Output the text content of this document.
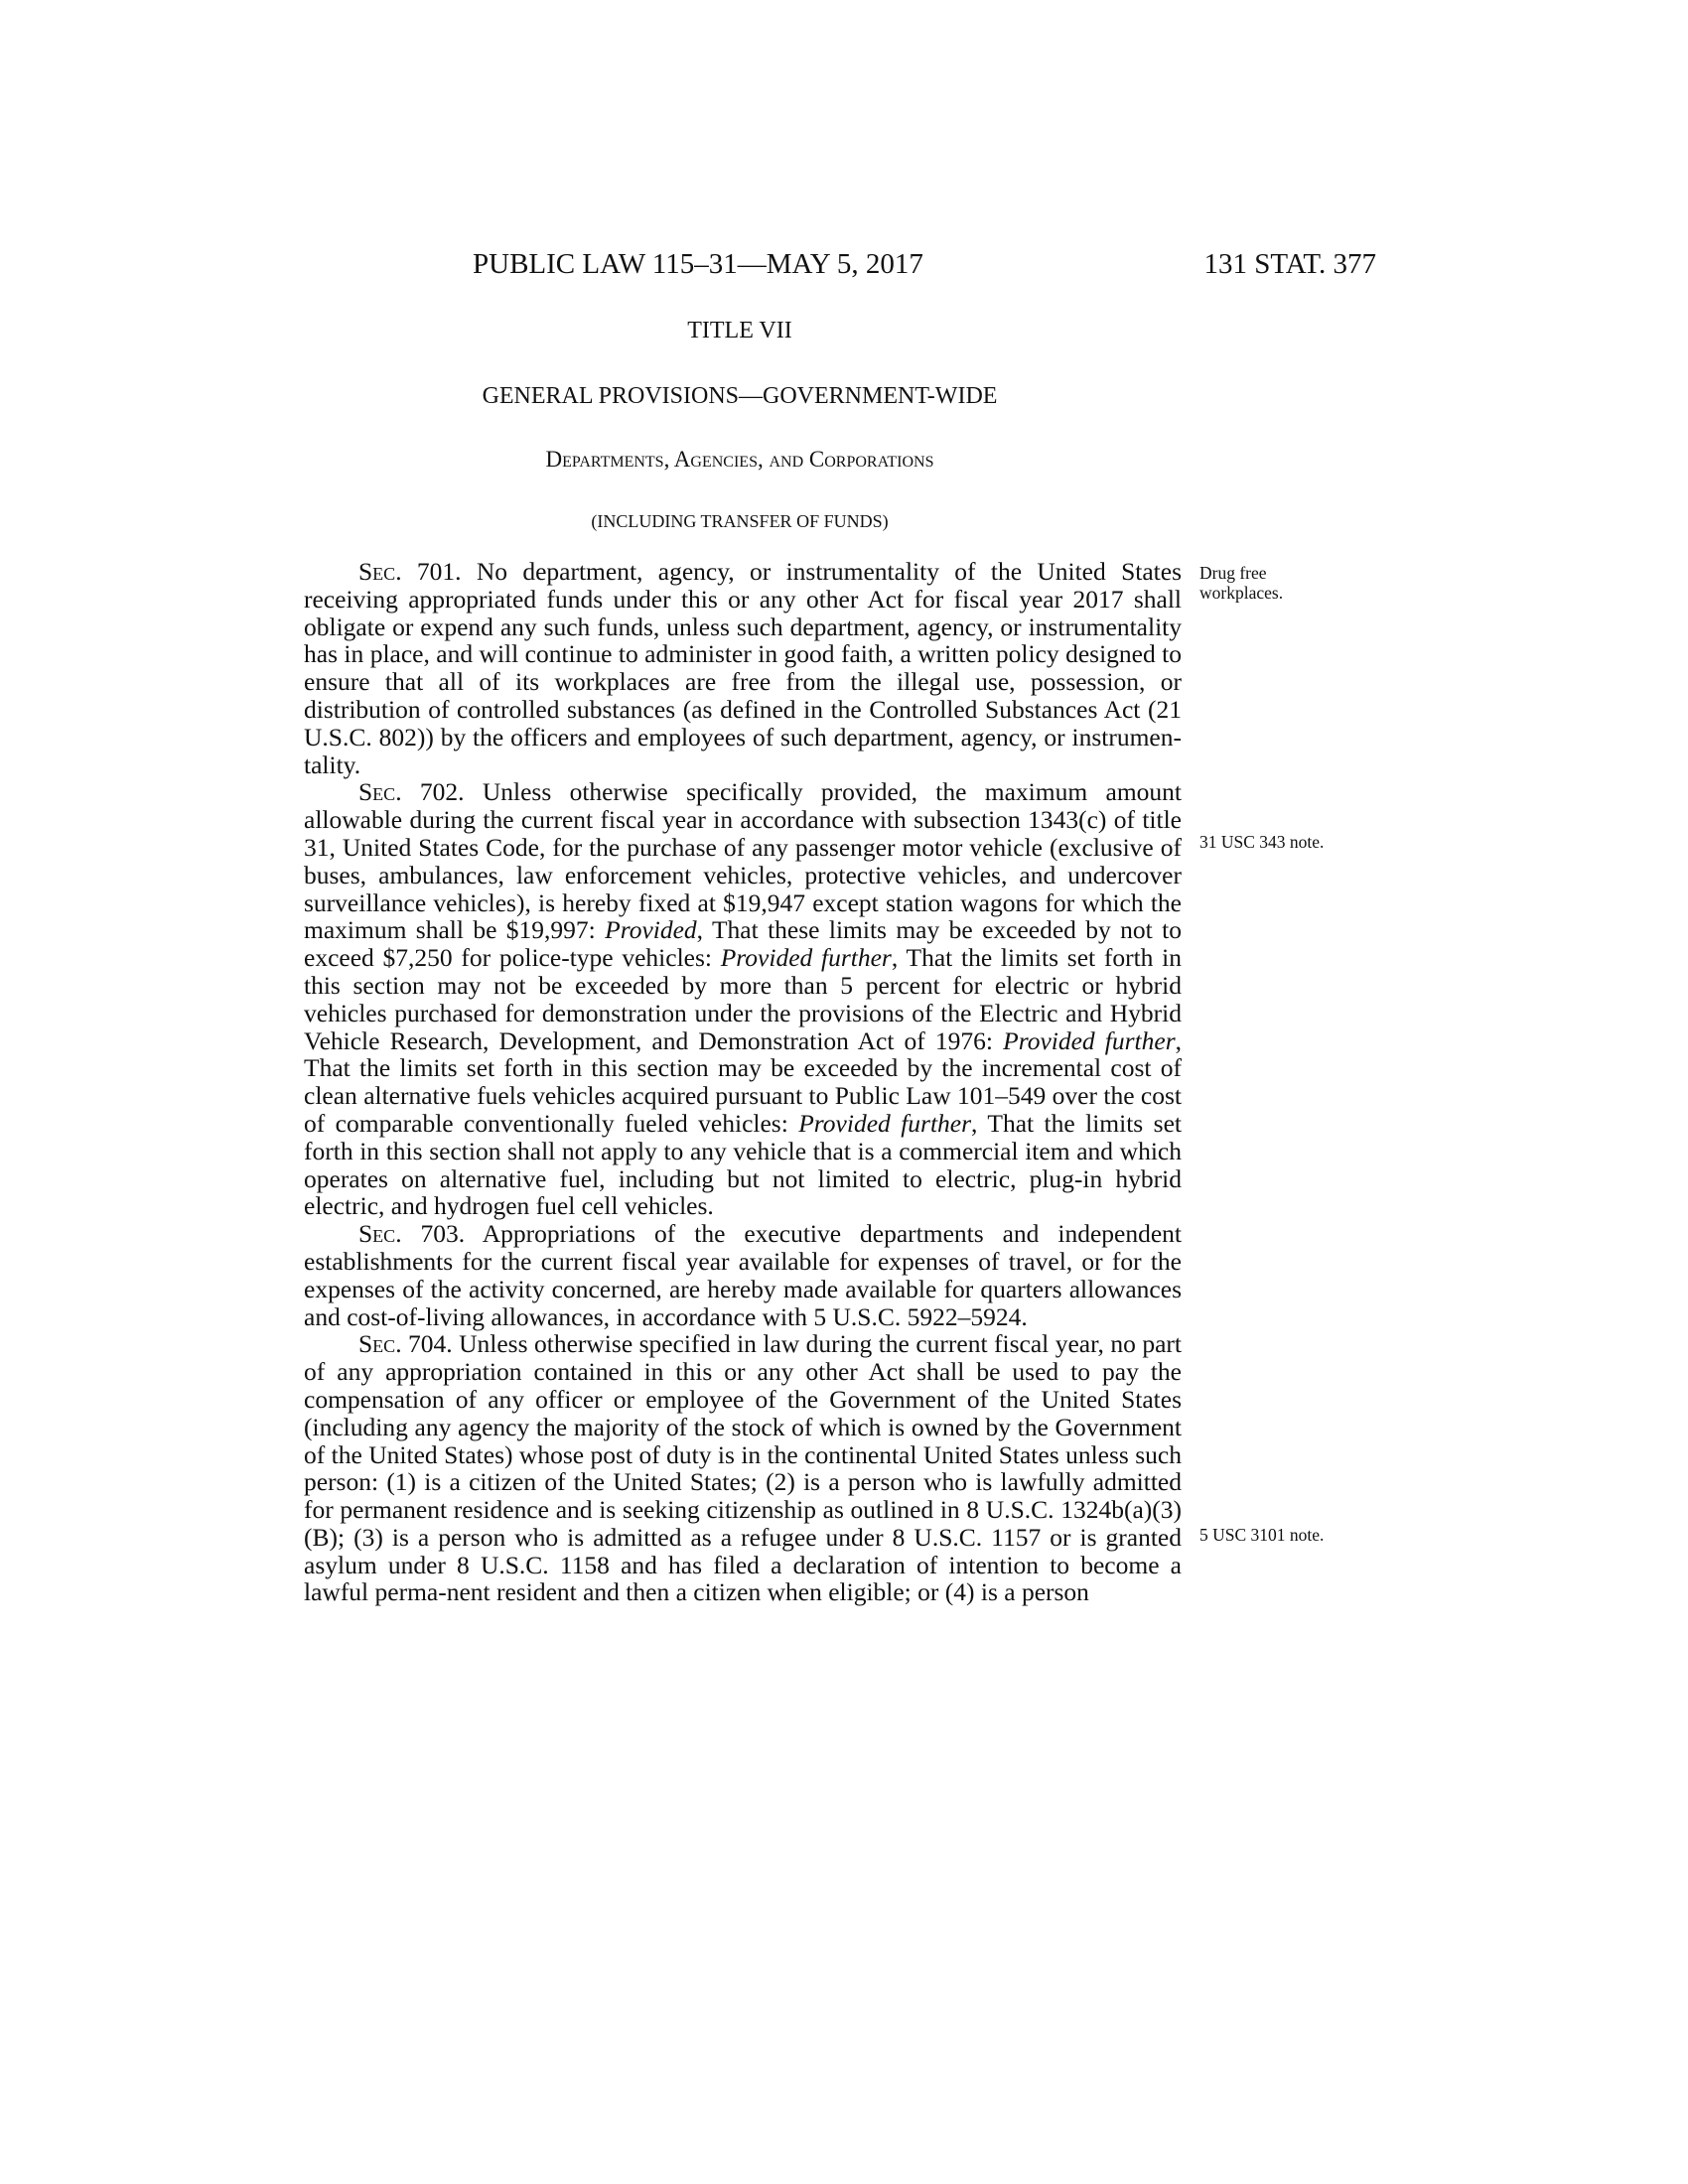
PUBLIC LAW 115–31—MAY 5, 2017	131 STAT. 377
TITLE VII
GENERAL PROVISIONS—GOVERNMENT-WIDE
Departments, Agencies, and Corporations
(INCLUDING TRANSFER OF FUNDS)

Sec. 701. No department, agency, or instrumentality of the United States receiving appropriated funds under this or any other Act for fiscal year 2017 shall obligate or expend any such funds, unless such department, agency, or instrumentality has in place, and will continue to administer in good faith, a written policy designed to ensure that all of its workplaces are free from the illegal use, possession, or distribution of controlled substances (as defined in the Controlled Substances Act (21 U.S.C. 802)) by the officers and employees of such department, agency, or instrumen-tality.

Sec. 702. Unless otherwise specifically provided, the maximum amount allowable during the current fiscal year in accordance with subsection 1343(c) of title 31, United States Code, for the purchase of any passenger motor vehicle (exclusive of buses, ambulances, law enforcement vehicles, protective vehicles, and undercover surveillance vehicles), is hereby fixed at $19,947 except station wagons for which the maximum shall be $19,997: Provided, That these limits may be exceeded by not to exceed $7,250 for police-type vehicles: Provided further, That the limits set forth in this section may not be exceeded by more than 5 percent for electric or hybrid vehicles purchased for demonstration under the provisions of the Electric and Hybrid Vehicle Research, Development, and Demonstration Act of 1976: Provided further, That the limits set forth in this section may be exceeded by the incremental cost of clean alternative fuels vehicles acquired pursuant to Public Law 101–549 over the cost of comparable conventionally fueled vehicles: Provided further, That the limits set forth in this section shall not apply to any vehicle that is a commercial item and which operates on alternative fuel, including but not limited to electric, plug-in hybrid electric, and hydrogen fuel cell vehicles.

Sec. 703. Appropriations of the executive departments and independent establishments for the current fiscal year available for expenses of travel, or for the expenses of the activity concerned, are hereby made available for quarters allowances and cost-of-living allowances, in accordance with 5 U.S.C. 5922–5924.

Sec. 704. Unless otherwise specified in law during the current fiscal year, no part of any appropriation contained in this or any other Act shall be used to pay the compensation of any officer or employee of the Government of the United States (including any agency the majority of the stock of which is owned by the Government of the United States) whose post of duty is in the continental United States unless such person: (1) is a citizen of the United States; (2) is a person who is lawfully admitted for permanent residence and is seeking citizenship as outlined in 8 U.S.C. 1324b(a)(3)(B); (3) is a person who is admitted as a refugee under 8 U.S.C. 1157 or is granted asylum under 8 U.S.C. 1158 and has filed a declaration of intention to become a lawful perma-nent resident and then a citizen when eligible; or (4) is a person

Drug free
workplaces.
31 USC 343 note.
5 USC 3101 note.
